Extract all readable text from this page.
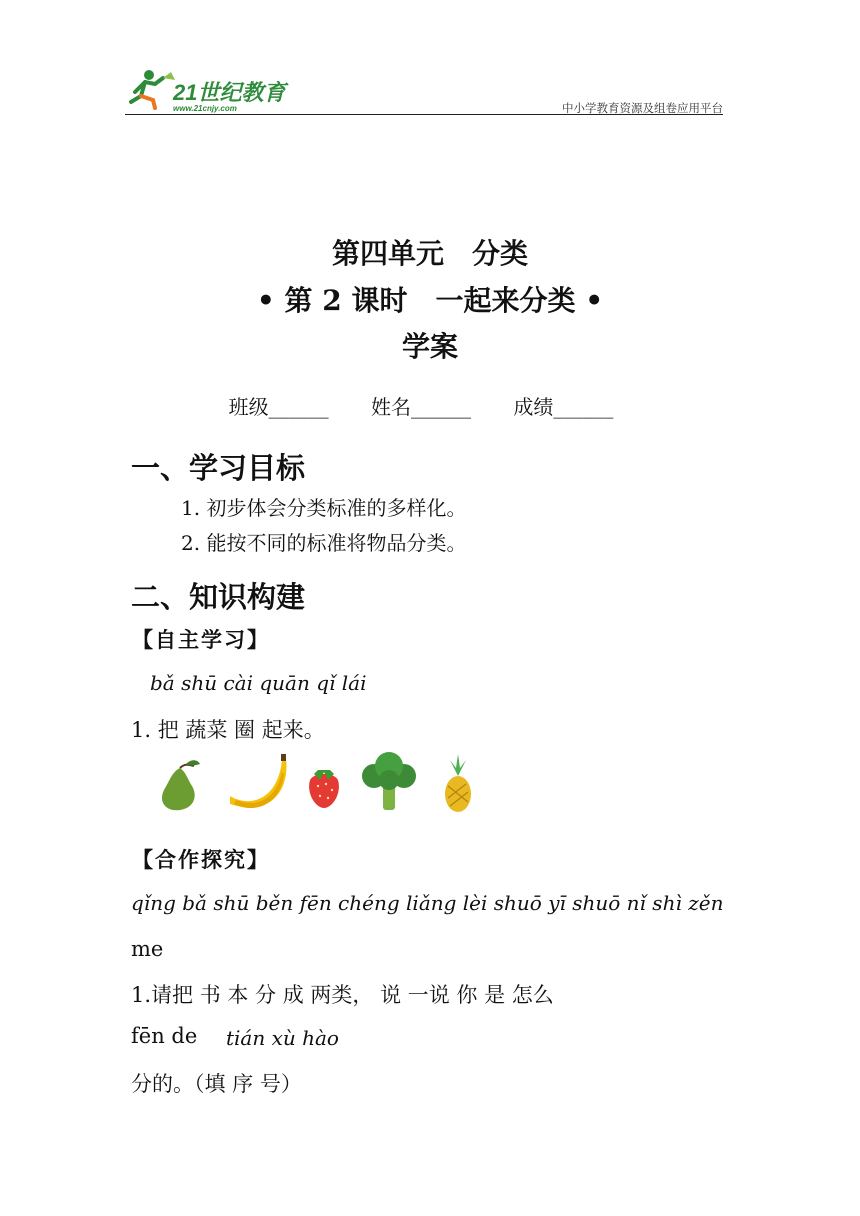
21世纪教育
www.21cnjy.com	中小学教育资源及组卷应用平台
第四单元　分类
• 第 2 课时　一起来分类 •
学案
班级______ 姓名______ 成绩______
一、学习目标
1. 初步体会分类标准的多样化。
2. 能按不同的标准将物品分类。
二、知识构建
【自主学习】
bǎ shū cài quān qǐ lái
1. 把 蔬菜 圈 起来。
【合作探究】
qǐng bǎ shū běn fēn chéng liǎng lèi shuō yī shuō nǐ shì zěn
me
1.请把 书 本 分 成 两类， 说 一说 你 是 怎么
fēn de tián xù hào
分的。（填 序 号）
